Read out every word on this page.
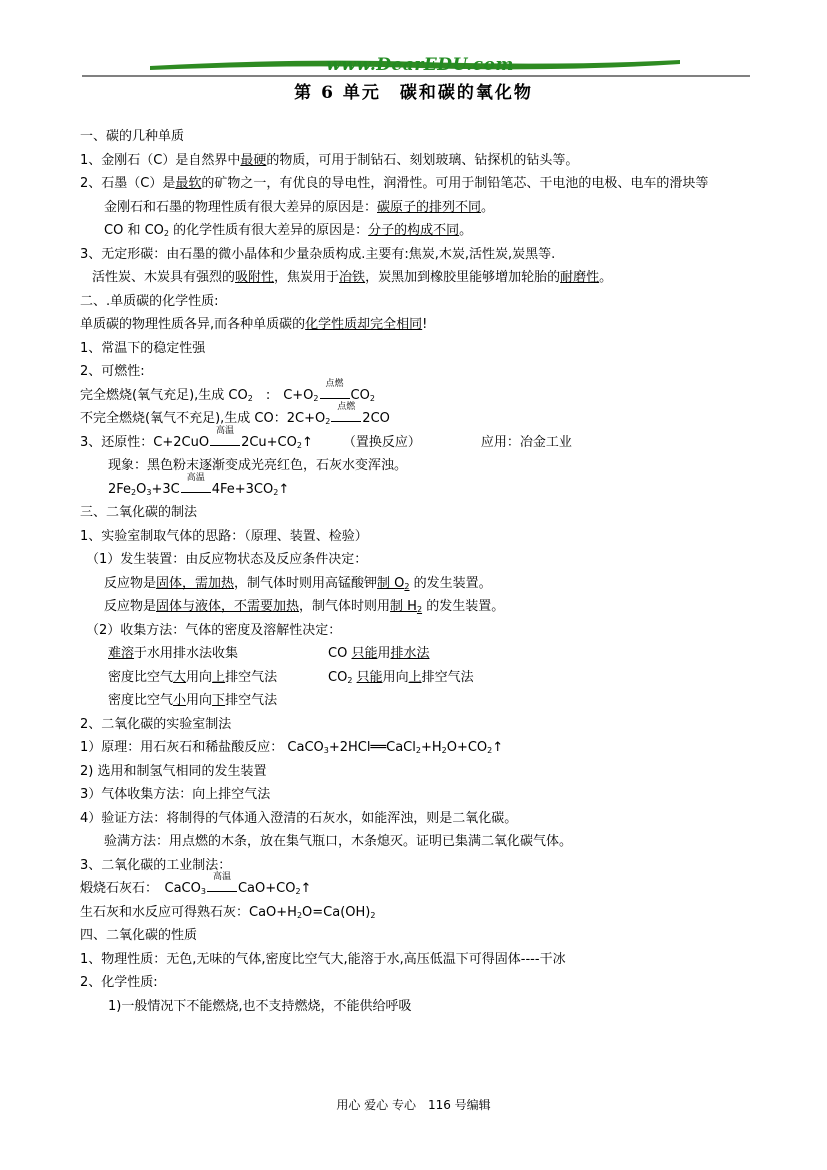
www.DearEDU.com
第 6 单元　碳和碳的氧化物
一、碳的几种单质
1、金刚石（C）是自然界中最硬的物质，可用于制钻石、刻划玻璃、钻探机的钻头等。
2、石墨（C）是最软的矿物之一，有优良的导电性，润滑性。可用于制铅笔芯、干电池的电极、电车的滑块等
金刚石和石墨的物理性质有很大差异的原因是：碳原子的排列不同。
CO 和 $CO_2$ 的化学性质有很大差异的原因是：分子的构成不同。
3、无定形碳：由石墨的微小晶体和少量杂质构成.主要有:焦炭,木炭,活性炭,炭黑等.
活性炭、木炭具有强烈的吸附性，焦炭用于冶铁，炭黑加到橡胶里能够增加轮胎的耐磨性。
二、.单质碳的化学性质:
单质碳的物理性质各异,而各种单质碳的化学性质却完全相同!
1、常温下的稳定性强
2、可燃性:
完全燃烧(氧气充足),生成 $CO_2$　:　$C+O_2$
点燃
$CO_2$
不完全燃烧(氧气不充足),生成 CO：$2C+O_2$
点燃
2CO
3、还原性：C+2CuO
高温
$2Cu+CO_2↑$ （置换反应）	应用：冶金工业
现象：黑色粉末逐渐变成光亮红色，石灰水变浑浊。
$2Fe_2O_3+3C$
高温
$4Fe+3CO_2↑$
三、二氧化碳的制法
1、实验室制取气体的思路：（原理、装置、检验）
（1）发生装置：由反应物状态及反应条件决定：
反应物是固体，需加热，制气体时则用高锰酸钾制 $O_2$ 的发生装置。
反应物是固体与液体，不需要加热，制气体时则用制 $H_2$ 的发生装置。
（2）收集方法：气体的密度及溶解性决定：
难溶于水用排水法收集	CO 只能用排水法
密度比空气大用向上排空气法	$CO_2$ 只能用向上排空气法
密度比空气小用向下排空气法
2、二氧化碳的实验室制法
1）原理：用石灰石和稀盐酸反应： $CaCO_3+2HCl══CaCl_2+H_2O+CO_2↑$
2) 选用和制氢气相同的发生装置
3）气体收集方法：向上排空气法
4）验证方法：将制得的气体通入澄清的石灰水，如能浑浊，则是二氧化碳。
验满方法：用点燃的木条，放在集气瓶口，木条熄灭。证明已集满二氧化碳气体。
3、二氧化碳的工业制法：
煅烧石灰石：　CaCO$_3$
高温
$CaO+CO_2↑$
生石灰和水反应可得熟石灰：$CaO+H_2O=Ca(OH)_2$
四、二氧化碳的性质
1、物理性质：无色,无味的气体,密度比空气大,能溶于水,高压低温下可得固体----干冰
2、化学性质:
1)一般情况下不能燃烧,也不支持燃烧，不能供给呼吸
用心 爱心 专心　116 号编辑
